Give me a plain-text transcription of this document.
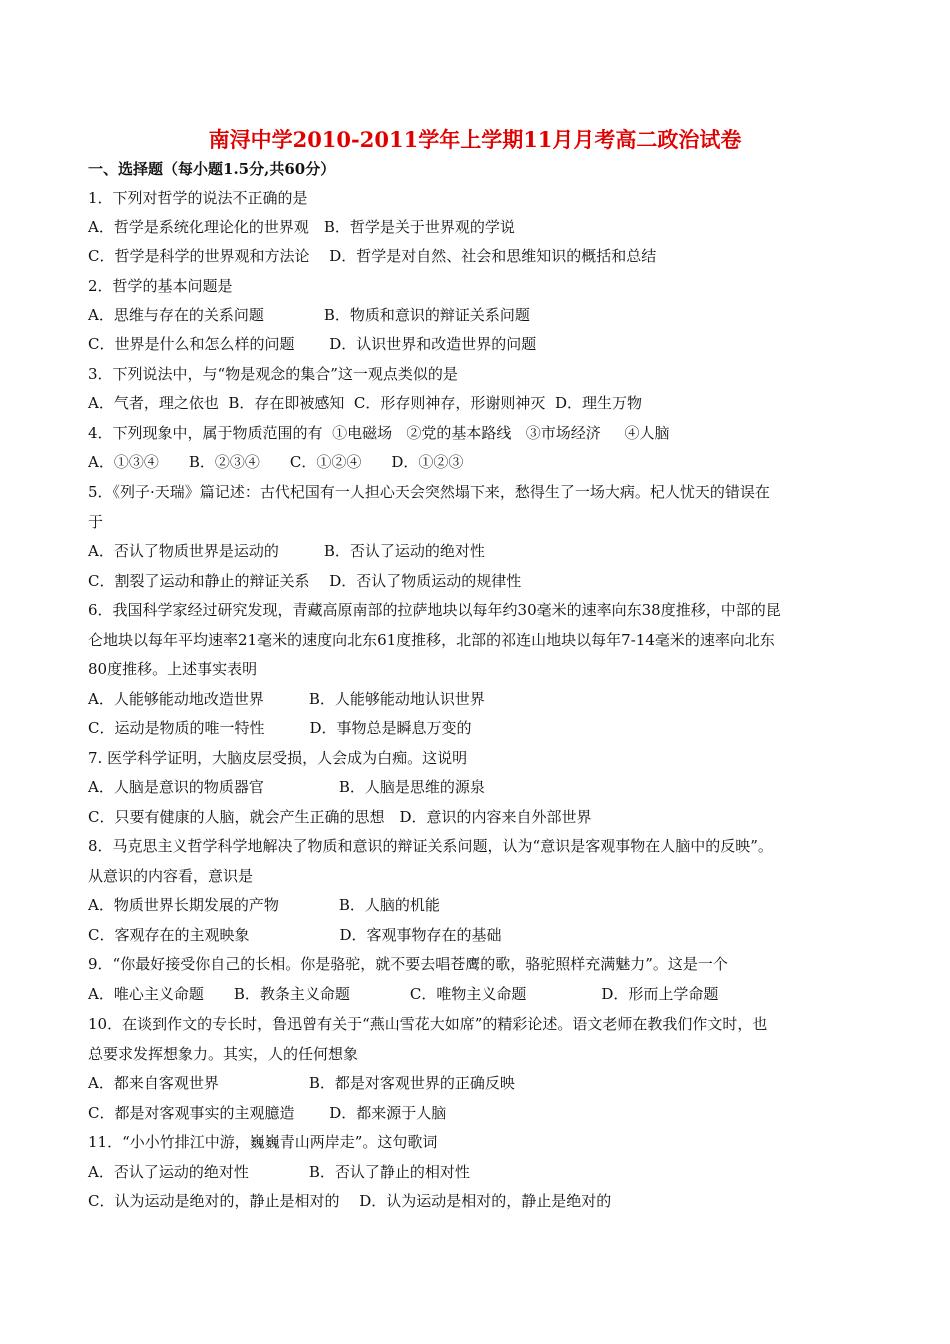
南浔中学2010-2011学年上学期11月月考高二政治试卷
一、选择题（每小题1.5分,共60分）
1．下列对哲学的说法不正确的是
A．哲学是系统化理论化的世界观　B．哲学是关于世界观的学说
C．哲学是科学的世界观和方法论　 D．哲学是对自然、社会和思维知识的概括和总结
2．哲学的基本问题是
A．思维与存在的关系问题　　　　B．物质和意识的辩证关系问题
C．世界是什么和怎么样的问题　　 D．认识世界和改造世界的问题
3．下列说法中，与“物是观念的集合”这一观点类似的是
A．气者，理之依也  B．存在即被感知  C．形存则神存，形谢则神灭  D．理生万物
4．下列现象中，属于物质范围的有  ①电磁场   ②党的基本路线   ③市场经济     ④人脑
A．①③④　　B．②③④　　C．①②④　　D．①②③
5．《列子·天瑞》篇记述：古代杞国有一人担心天会突然塌下来，愁得生了一场大病。杞人忧天的错误在
于
A．否认了物质世界是运动的　　　B．否认了运动的绝对性
C．割裂了运动和静止的辩证关系　 D．否认了物质运动的规律性
6．我国科学家经过研究发现，青藏高原南部的拉萨地块以每年约30毫米的速率向东38度推移，中部的昆
仑地块以每年平均速率21毫米的速度向北东61度推移，北部的祁连山地块以每年7-14毫米的速率向北东
80度推移。上述事实表明
A．人能够能动地改造世界　　　B．人能够能动地认识世界
C．运动是物质的唯一特性　　　D．事物总是瞬息万变的
7. 医学科学证明，大脑皮层受损，人会成为白痴。这说明
A．人脑是意识的物质器官　　　　　B．人脑是思维的源泉
C．只要有健康的人脑，就会产生正确的思想　D．意识的内容来自外部世界
8．马克思主义哲学科学地解决了物质和意识的辩证关系问题，认为“意识是客观事物在人脑中的反映”。
从意识的内容看，意识是
A．物质世界长期发展的产物　　　　B．人脑的机能
C．客观存在的主观映象　　　　　　D．客观事物存在的基础
9．“你最好接受你自己的长相。你是骆驼，就不要去唱苍鹰的歌，骆驼照样充满魅力”。这是一个
A．唯心主义命题　　B．教条主义命题　　　　C．唯物主义命题　　　　　D．形而上学命题
10．在谈到作文的专长时，鲁迅曾有关于“燕山雪花大如席”的精彩论述。语文老师在教我们作文时，也
总要求发挥想象力。其实，人的任何想象
A．都来自客观世界　　　　　　B．都是对客观世界的正确反映
C．都是对客观事实的主观臆造　　 D．都来源于人脑
11．“小小竹排江中游，巍巍青山两岸走”。这句歌词
A．否认了运动的绝对性　　　　B．否认了静止的相对性
C．认为运动是绝对的，静止是相对的　 D．认为运动是相对的，静止是绝对的
